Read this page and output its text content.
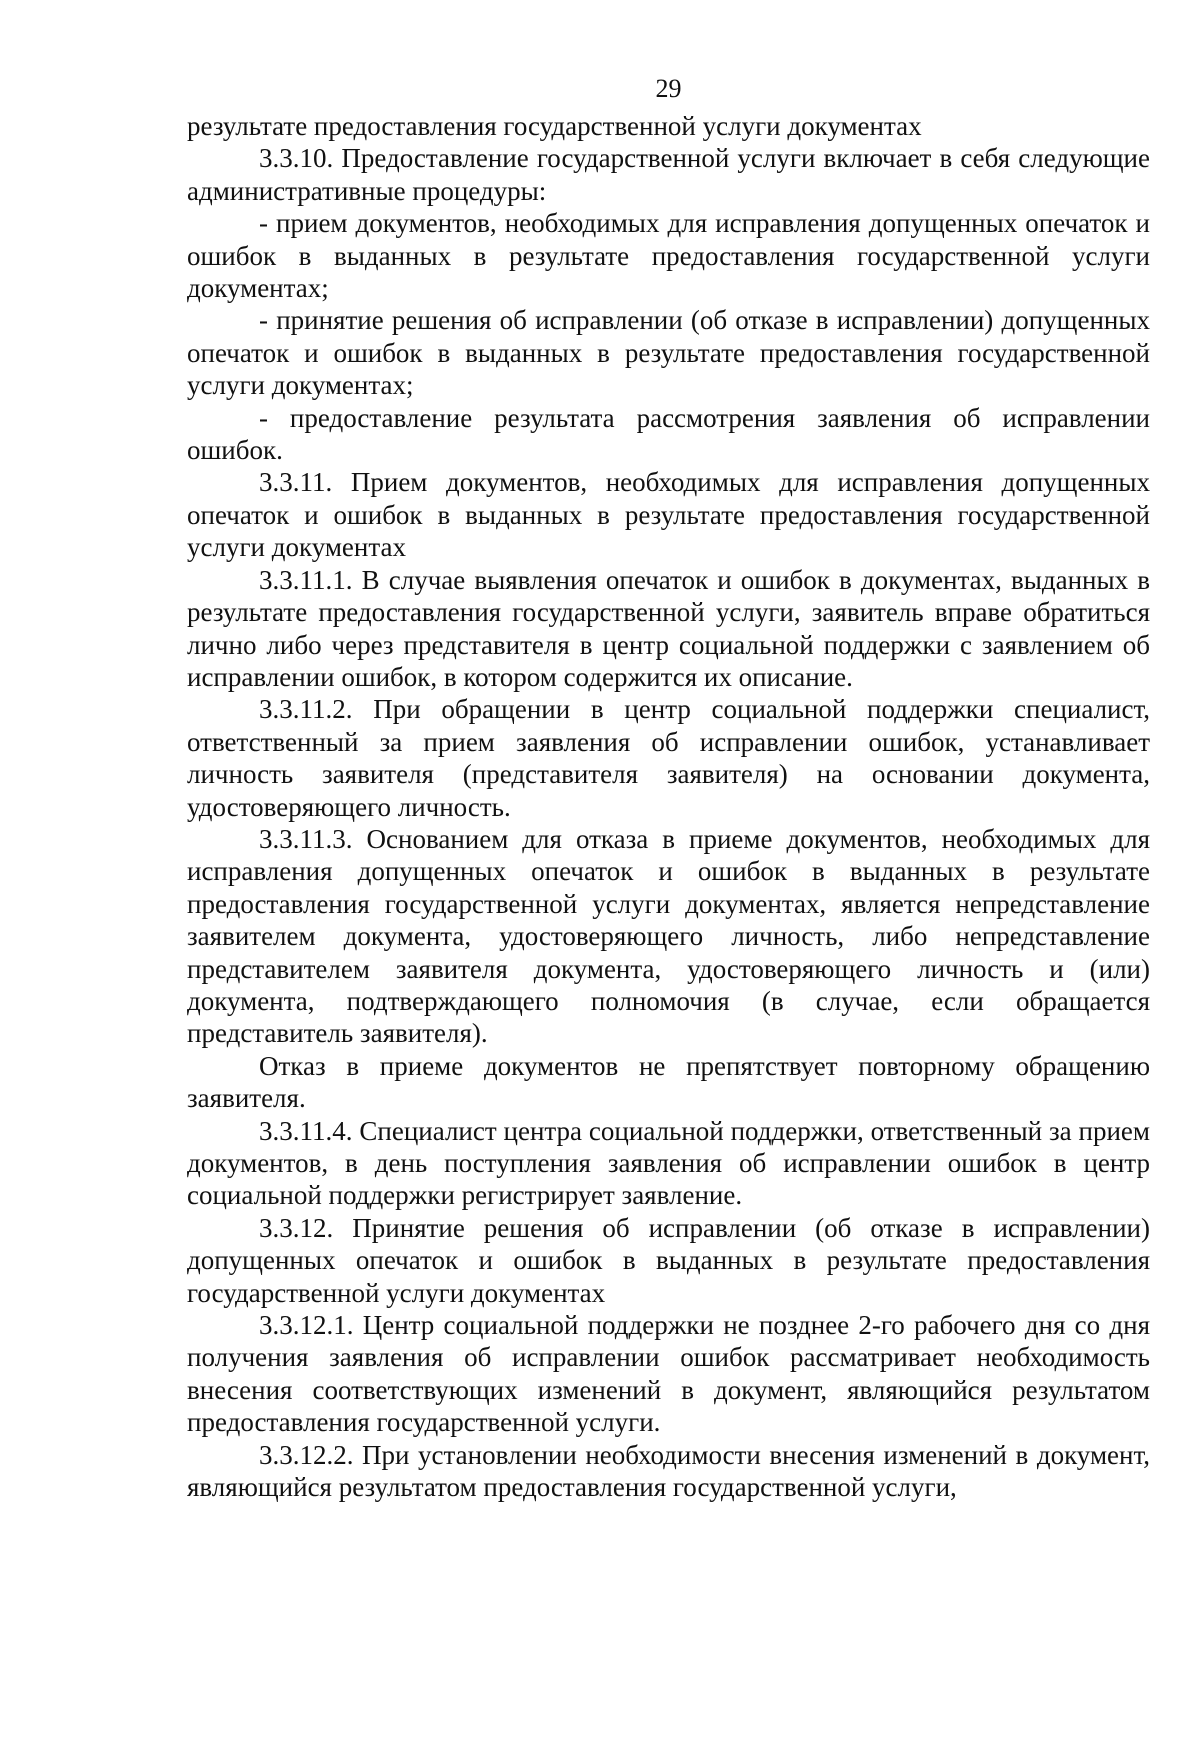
29

результате предоставления государственной услуги документах

3.3.10. Предоставление государственной услуги включает в себя следующие административные процедуры:

- прием документов, необходимых для исправления допущенных опечаток и ошибок в выданных в результате предоставления государственной услуги документах;

- принятие решения об исправлении (об отказе в исправлении) допущенных опечаток и ошибок в выданных в результате предоставления государственной услуги документах;

- предоставление результата рассмотрения заявления об исправлении ошибок.

3.3.11. Прием документов, необходимых для исправления допущенных опечаток и ошибок в выданных в результате предоставления государственной услуги документах

3.3.11.1. В случае выявления опечаток и ошибок в документах, выданных в результате предоставления государственной услуги, заявитель вправе обратиться лично либо через представителя в центр социальной поддержки с заявлением об исправлении ошибок, в котором содержится их описание.

3.3.11.2. При обращении в центр социальной поддержки специалист, ответственный за прием заявления об исправлении ошибок, устанавливает личность заявителя (представителя заявителя) на основании документа, удостоверяющего личность.

3.3.11.3. Основанием для отказа в приеме документов, необходимых для исправления допущенных опечаток и ошибок в выданных в результате предоставления государственной услуги документах, является непредставление заявителем документа, удостоверяющего личность, либо непредставление представителем заявителя документа, удостоверяющего личность и (или) документа, подтверждающего полномочия (в случае, если обращается представитель заявителя).

Отказ в приеме документов не препятствует повторному обращению заявителя.

3.3.11.4. Специалист центра социальной поддержки, ответственный за прием документов, в день поступления заявления об исправлении ошибок в центр социальной поддержки регистрирует заявление.

3.3.12. Принятие решения об исправлении (об отказе в исправлении) допущенных опечаток и ошибок в выданных в результате предоставления государственной услуги документах

3.3.12.1. Центр социальной поддержки не позднее 2-го рабочего дня со дня получения заявления об исправлении ошибок рассматривает необходимость внесения соответствующих изменений в документ, являющийся результатом предоставления государственной услуги.

3.3.12.2. При установлении необходимости внесения изменений в документ, являющийся результатом предоставления государственной услуги,
